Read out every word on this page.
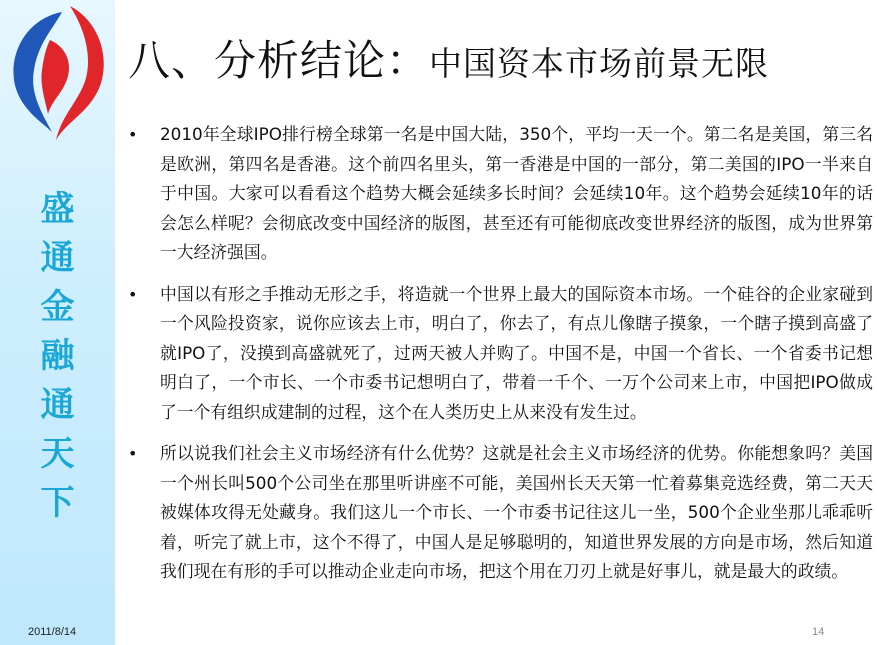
盛
通
金
融
通
天
下
2011/8/14
八、分析结论：中国资本市场前景无限
• 2010年全球IPO排行榜全球第一名是中国大陆，350个，平均一天一个。第二名是美国，第三名是欧洲，第四名是香港。这个前四名里头，第一香港是中国的一部分，第二美国的IPO一半来自于中国。大家可以看看这个趋势大概会延续多长时间？会延续10年。这个趋势会延续10年的话会怎么样呢？会彻底改变中国经济的版图，甚至还有可能彻底改变世界经济的版图，成为世界第一大经济强国。
• 中国以有形之手推动无形之手，将造就一个世界上最大的国际资本市场。一个硅谷的企业家碰到一个风险投资家，说你应该去上市，明白了，你去了，有点儿像瞎子摸象，一个瞎子摸到高盛了就IPO了，没摸到高盛就死了，过两天被人并购了。中国不是，中国一个省长、一个省委书记想明白了，一个市长、一个市委书记想明白了，带着一千个、一万个公司来上市，中国把IPO做成了一个有组织成建制的过程，这个在人类历史上从来没有发生过。
• 所以说我们社会主义市场经济有什么优势？这就是社会主义市场经济的优势。你能想象吗？美国一个州长叫500个公司坐在那里听讲座不可能，美国州长天天第一忙着募集竞选经费，第二天天被媒体攻得无处藏身。我们这儿一个市长、一个市委书记往这儿一坐，500个企业坐那儿乖乖听着，听完了就上市，这个不得了，中国人是足够聪明的，知道世界发展的方向是市场，然后知道我们现在有形的手可以推动企业走向市场，把这个用在刀刃上就是好事儿，就是最大的政绩。
14
